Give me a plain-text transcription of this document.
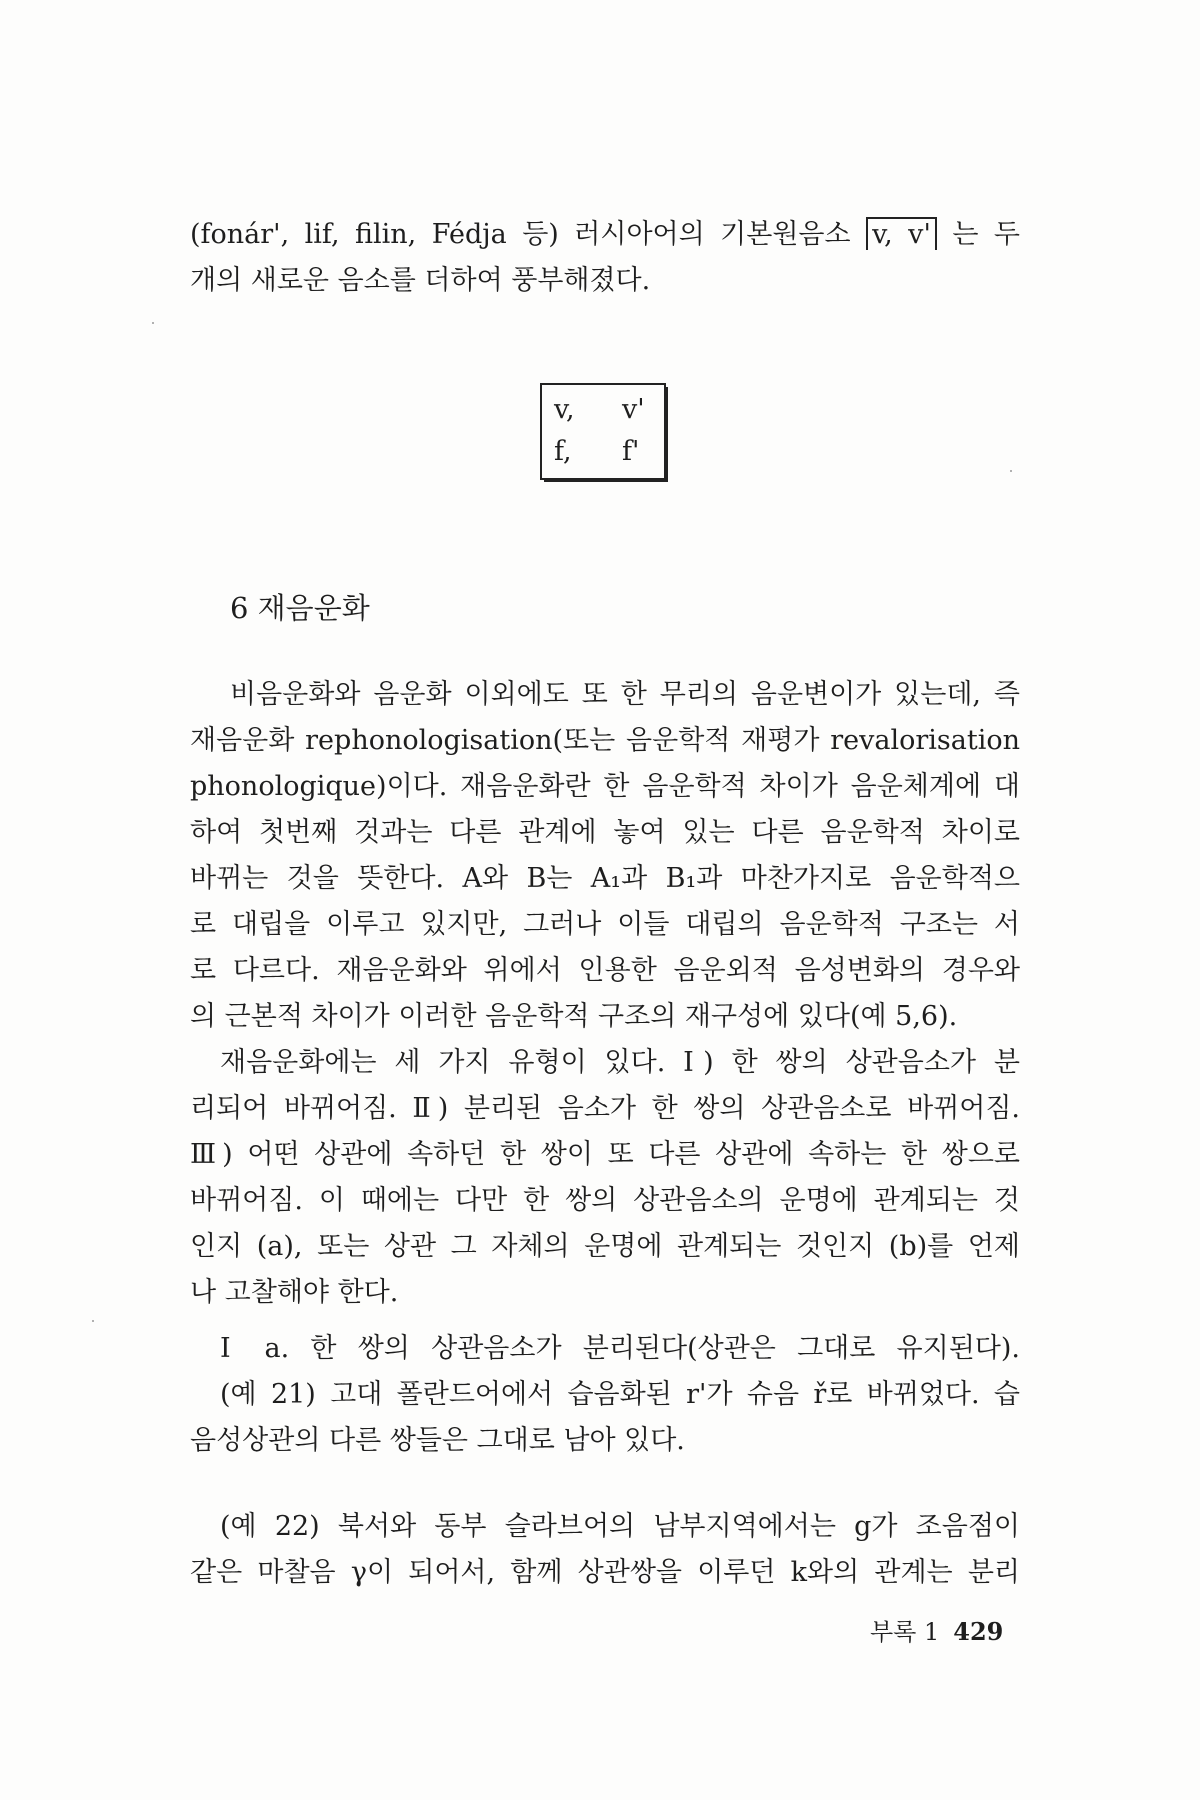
(fonár', lif, filin, Fédja 등) 러시아어의 기본원음소 v, v' 는 두
개의 새로운 음소를 더하여 풍부해졌다.
v, v'
f, f'
6 재음운화
비음운화와 음운화 이외에도 또 한 무리의 음운변이가 있는데, 즉
재음운화 rephonologisation(또는 음운학적 재평가 revalorisation
phonologique)이다. 재음운화란 한 음운학적 차이가 음운체계에 대
하여 첫번째 것과는 다른 관계에 놓여 있는 다른 음운학적 차이로
바뀌는 것을 뜻한다. A와 B는 A₁과 B₁과 마찬가지로 음운학적으
로 대립을 이루고 있지만, 그러나 이들 대립의 음운학적 구조는 서
로 다르다. 재음운화와 위에서 인용한 음운외적 음성변화의 경우와
의 근본적 차이가 이러한 음운학적 구조의 재구성에 있다(예 5,6).
재음운화에는 세 가지 유형이 있다. Ⅰ) 한 쌍의 상관음소가 분
리되어 바뀌어짐. Ⅱ) 분리된 음소가 한 쌍의 상관음소로 바뀌어짐.
Ⅲ) 어떤 상관에 속하던 한 쌍이 또 다른 상관에 속하는 한 쌍으로
바뀌어짐. 이 때에는 다만 한 쌍의 상관음소의 운명에 관계되는 것
인지 (a), 또는 상관 그 자체의 운명에 관계되는 것인지 (b)를 언제
나 고찰해야 한다.
Ⅰ a. 한 쌍의 상관음소가 분리된다(상관은 그대로 유지된다).
(예 21) 고대 폴란드어에서 습음화된 r'가 슈음 ř로 바뀌었다. 습
음성상관의 다른 쌍들은 그대로 남아 있다.
(예 22) 북서와 동부 슬라브어의 남부지역에서는 g가 조음점이
같은 마찰음 γ이 되어서, 함께 상관쌍을 이루던 k와의 관계는 분리
부록 1 429
